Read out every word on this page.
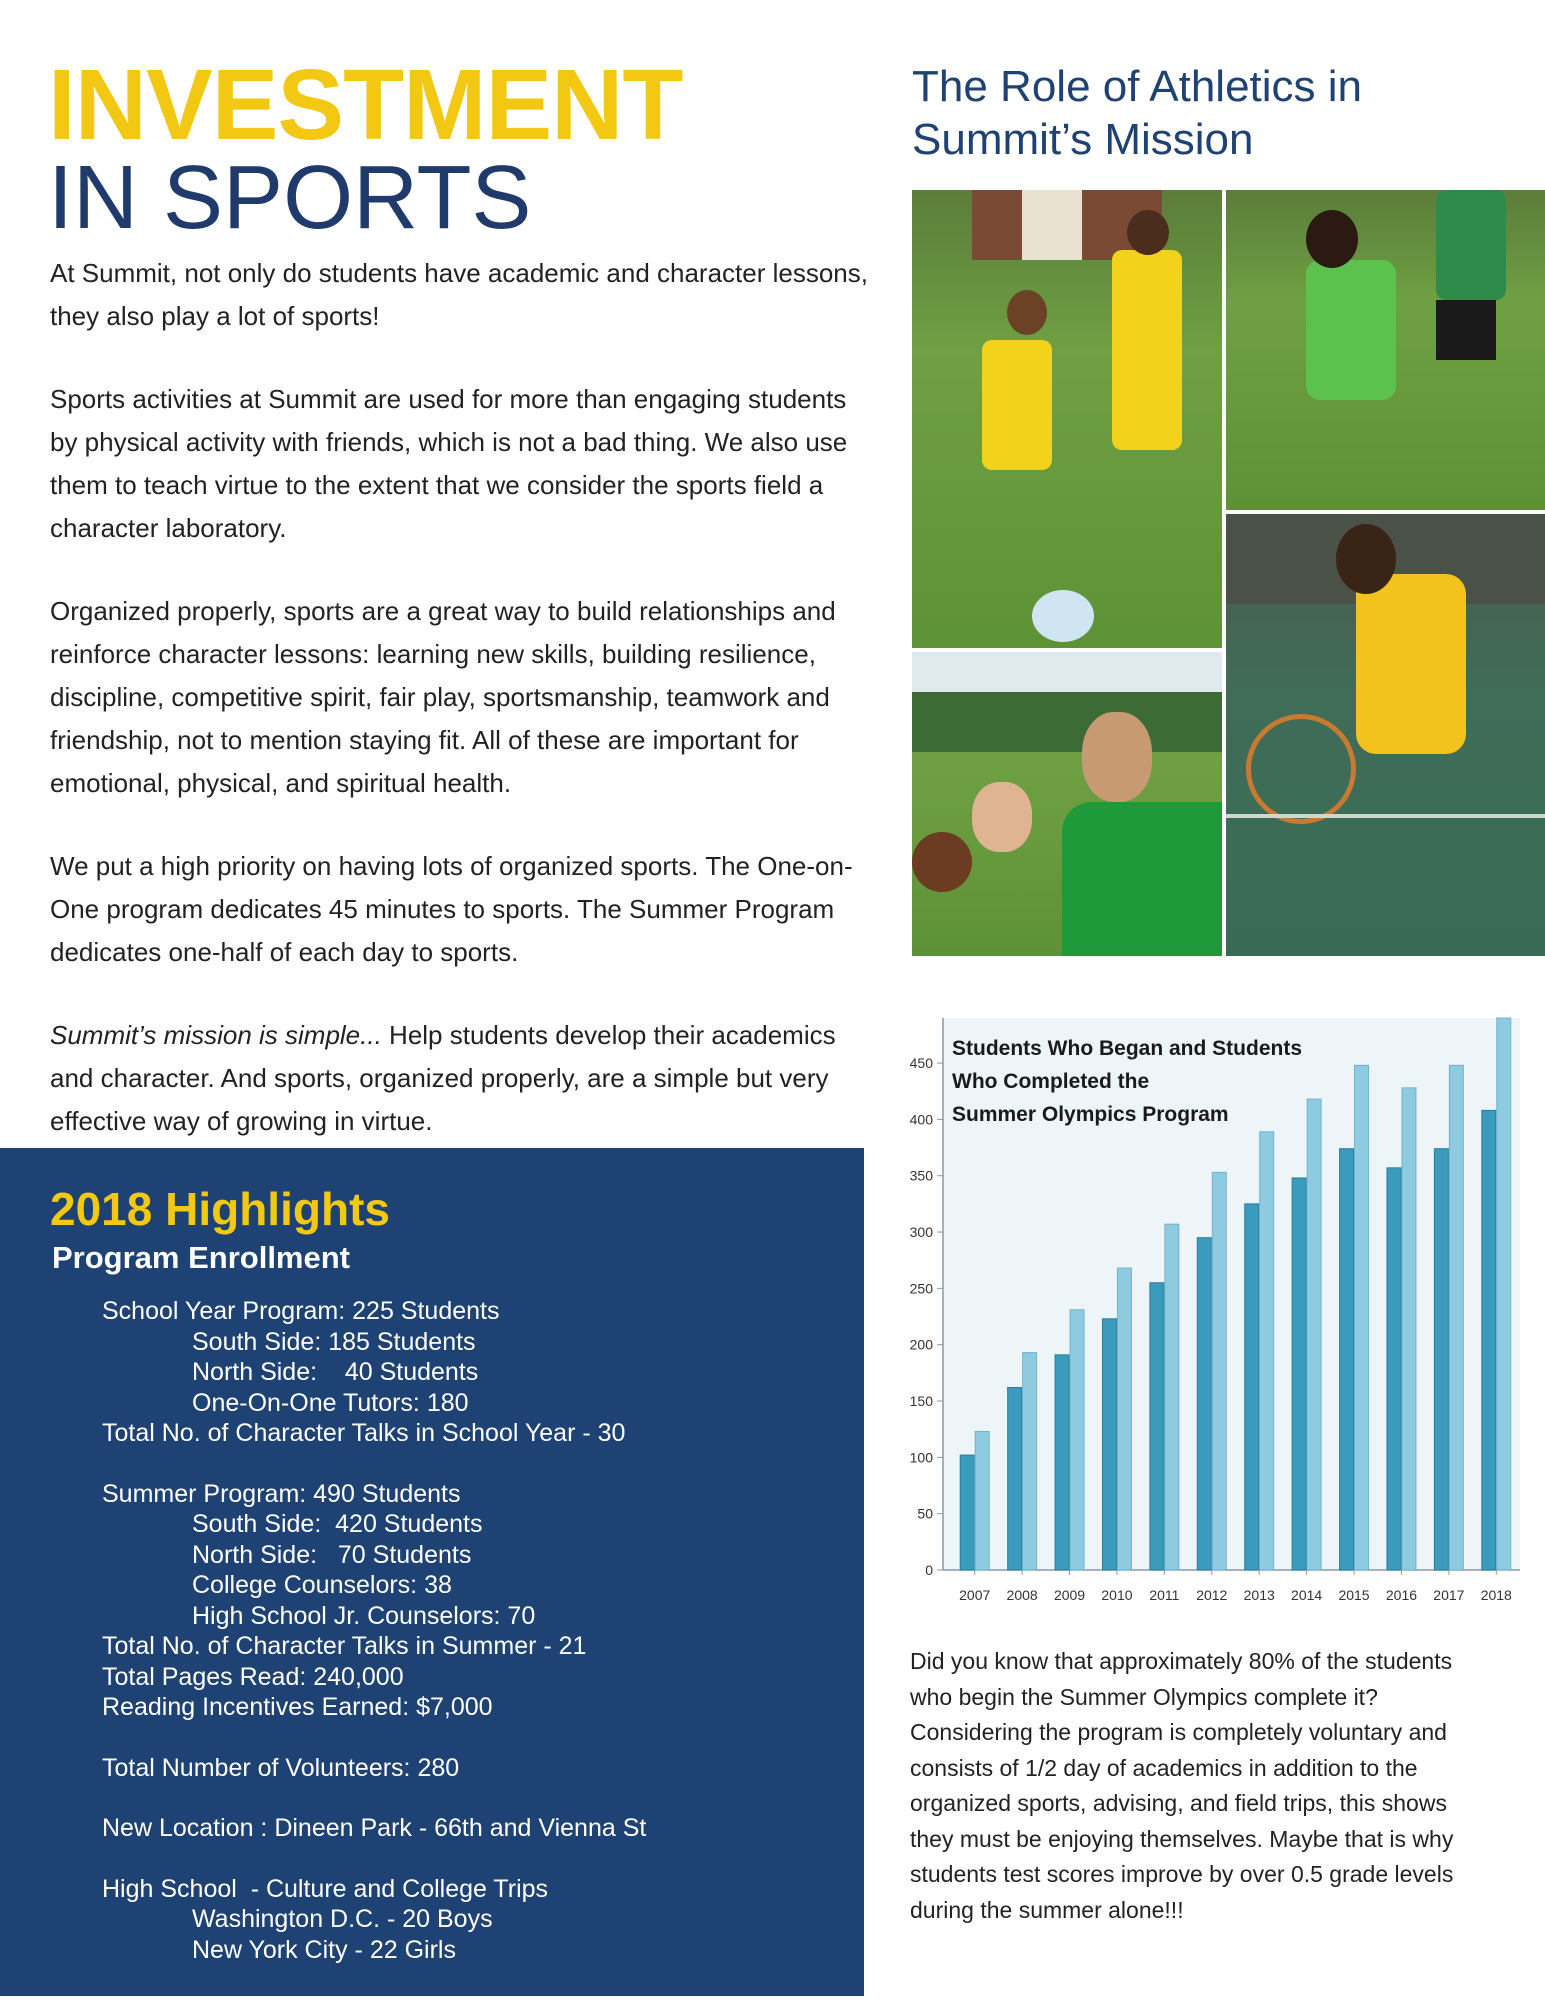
INVESTMENT
IN SPORTS

At Summit, not only do students have academic and character lessons, they also play a lot of sports!

Sports activities at Summit are used for more than engaging students by physical activity with friends, which is not a bad thing. We also use them to teach virtue to the extent that we consider the sports field a character laboratory.

Organized properly, sports are a great way to build relationships and reinforce character lessons: learning new skills, building resilience, discipline, competitive spirit, fair play, sportsmanship, teamwork and friendship, not to mention staying fit. All of these are important for emotional, physical, and spiritual health.

We put a high priority on having lots of organized sports. The One-on-One program dedicates 45 minutes to sports. The Summer Program dedicates one-half of each day to sports.

Summit’s mission is simple... Help students develop their academics and character. And sports, organized properly, are a simple but very effective way of growing in virtue.

2018 Highlights
Program Enrollment
School Year Program: 225 Students
South Side: 185 Students
North Side:    40 Students
One-On-One Tutors: 180
Total No. of Character Talks in School Year - 30
Summer Program: 490 Students
South Side:  420 Students
North Side:   70 Students
College Counselors: 38
High School Jr. Counselors: 70
Total No. of Character Talks in Summer - 21
Total Pages Read: 240,000
Reading Incentives Earned: $7,000
Total Number of Volunteers: 280
New Location : Dineen Park - 66th and Vienna St
High School  - Culture and College Trips
Washington D.C. - 20 Boys
New York City - 22 Girls
The Role of Athletics in Summit’s Mission
0
50
100
150
200
250
300
350
400
450
2007 2008 2009 2010 2011 2012 2013 2014 2015 2016 2017 2018
Students Who Began and Students
Who Completed the
Summer Olympics Program

Did you know that approximately 80% of the students who begin the Summer Olympics complete it? Considering the program is completely voluntary and consists of 1/2 day of academics in addition to the organized sports, advising, and field trips, this shows they must be enjoying themselves. Maybe that is why students test scores improve by over 0.5 grade levels during the summer alone!!!
